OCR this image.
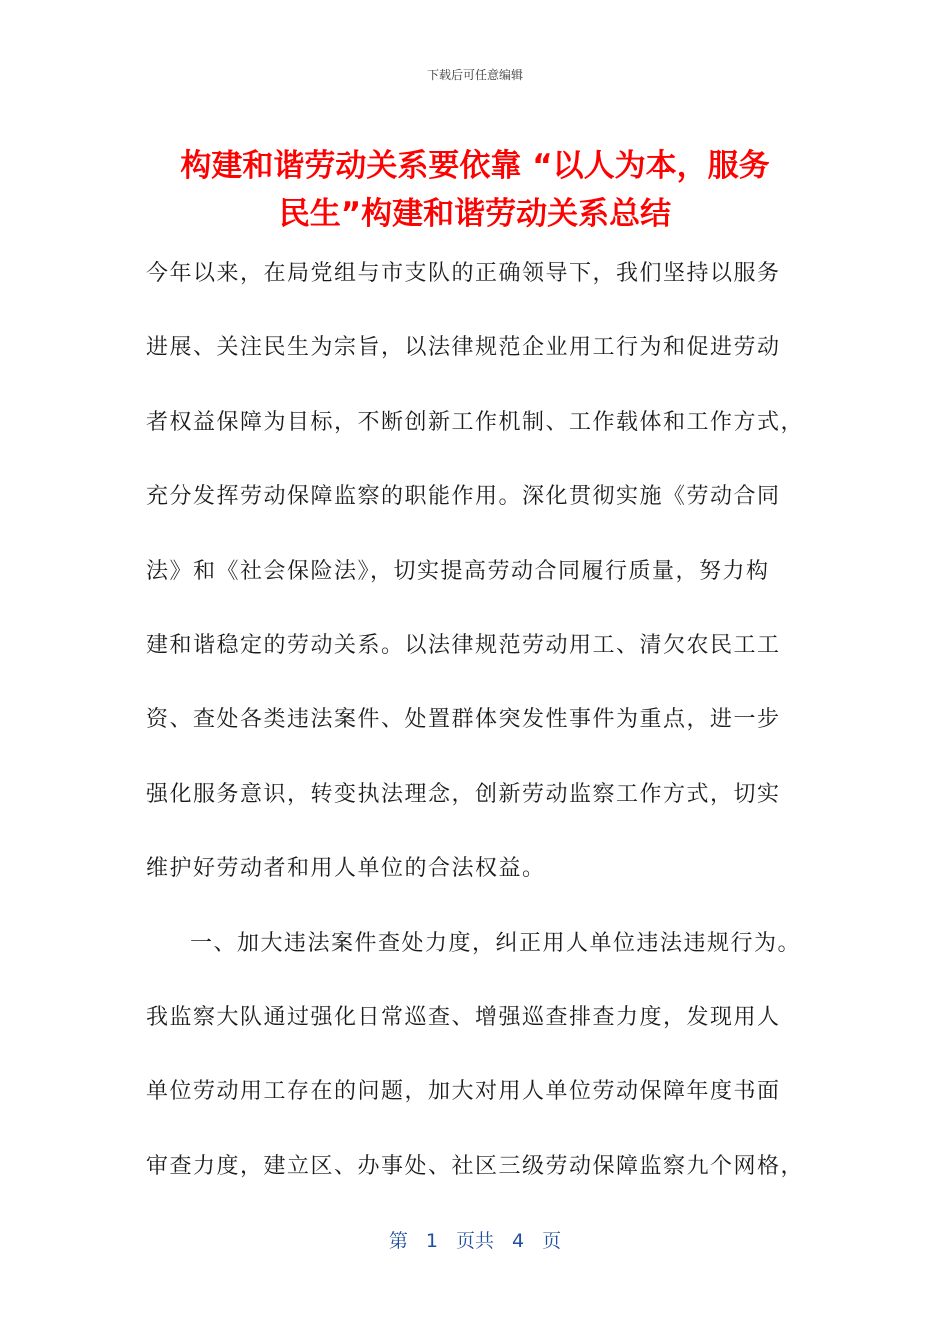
下载后可任意编辑
构建和谐劳动关系要依靠 “以人为本，服务
民生”构建和谐劳动关系总结
今年以来，在局党组与市支队的正确领导下，我们坚持以服务
进展、关注民生为宗旨，以法律规范企业用工行为和促进劳动
者权益保障为目标，不断创新工作机制、工作载体和工作方式，
充分发挥劳动保障监察的职能作用。深化贯彻实施《劳动合同
法》和《社会保险法》，切实提高劳动合同履行质量，努力构
建和谐稳定的劳动关系。以法律规范劳动用工、清欠农民工工
资、查处各类违法案件、处置群体突发性事件为重点，进一步
强化服务意识，转变执法理念，创新劳动监察工作方式，切实
维护好劳动者和用人单位的合法权益。
一、加大违法案件查处力度，纠正用人单位违法违规行为。
我监察大队通过强化日常巡查、增强巡查排查力度，发现用人
单位劳动用工存在的问题，加大对用人单位劳动保障年度书面
审查力度，建立区、办事处、社区三级劳动保障监察九个网格，
第 1 页共 4 页
